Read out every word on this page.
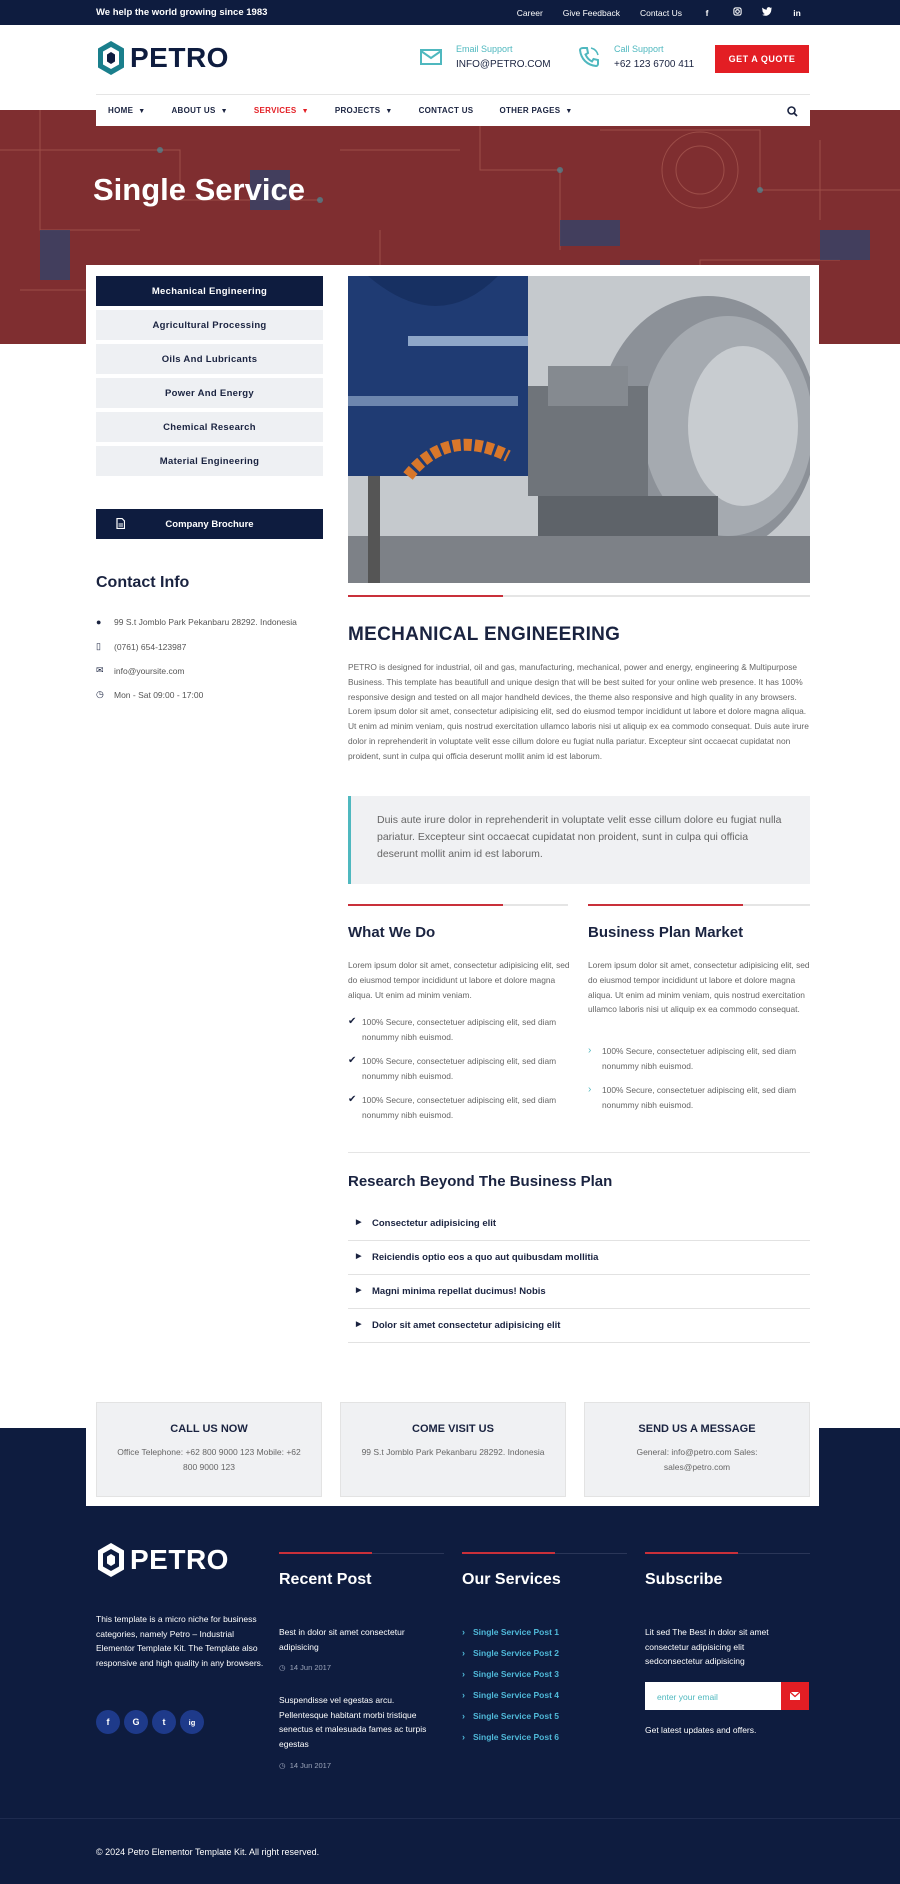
We help the world growing since 1983	Career Give Feedback Contact Us	f	in
PETRO	Email Support
INFO@PETRO.COM
Call Support
+62 123 6700 411	GET A QUOTE
Single Service
HOME ▼	ABOUT US ▼	SERVICES ▼	PROJECTS ▼	CONTACT US	OTHER PAGES ▼
Mechanical Engineering
Agricultural Processing
Oils And Lubricants
Power And Energy
Chemical Research
Material Engineering
Company Brochure
Contact Info
●	99 S.t Jomblo Park Pekanbaru 28292. Indonesia
▯	(0761) 654-123987
✉ info@yoursite.com
◷ Mon - Sat 09:00 - 17:00
MECHANICAL ENGINEERING
PETRO is designed for industrial, oil and gas, manufacturing, mechanical, power and energy, engineering & Multipurpose Business. This template has beautifull and unique design that will be best suited for your online web presence. It has 100% responsive design and tested on all major handheld devices, the theme also responsive and high quality in any browsers. Lorem ipsum dolor sit amet, consectetur adipisicing elit, sed do eiusmod tempor incididunt ut labore et dolore magna aliqua. Ut enim ad minim veniam, quis nostrud exercitation ullamco laboris nisi ut aliquip ex ea commodo consequat. Duis aute irure dolor in reprehenderit in voluptate velit esse cillum dolore eu fugiat nulla pariatur. Excepteur sint occaecat cupidatat non proident, sunt in culpa qui officia deserunt mollit anim id est laborum.
Duis aute irure dolor in reprehenderit in voluptate velit esse cillum dolore eu fugiat nulla pariatur. Excepteur sint occaecat cupidatat non proident, sunt in culpa qui officia deserunt mollit anim id est laborum.
What We Do
Lorem ipsum dolor sit amet, consectetur adipisicing elit, sed do eiusmod tempor incididunt ut labore et dolore magna aliqua. Ut enim ad minim veniam.
✔ 100% Secure, consectetuer adipiscing elit, sed diam nonummy nibh euismod.
✔ 100% Secure, consectetuer adipiscing elit, sed diam nonummy nibh euismod.
✔ 100% Secure, consectetuer adipiscing elit, sed diam nonummy nibh euismod.
Business Plan Market
Lorem ipsum dolor sit amet, consectetur adipisicing elit, sed do eiusmod tempor incididunt ut labore et dolore magna aliqua. Ut enim ad minim veniam, quis nostrud exercitation ullamco laboris nisi ut aliquip ex ea commodo consequat.
›	100% Secure, consectetuer adipiscing elit, sed diam nonummy nibh euismod.
›	100% Secure, consectetuer adipiscing elit, sed diam nonummy nibh euismod.
Research Beyond The Business Plan
▶ Consectetur adipisicing elit
▶ Reiciendis optio eos a quo aut quibusdam mollitia
▶ Magni minima repellat ducimus! Nobis
▶ Dolor sit amet consectetur adipisicing elit
CALL US NOW
Office Telephone: +62 800 9000 123 Mobile: +62 800 9000 123
COME VISIT US
99 S.t Jomblo Park Pekanbaru 28292. Indonesia
SEND US A MESSAGE
General: info@petro.com Sales: sales@petro.com
PETRO
This template is a micro niche for business categories, namely Petro – Industrial Elementor Template Kit. The Template also responsive and high quality in any browsers.
f	G	t	ig
Recent Post
Best in dolor sit amet consectetur adipisicing
◷ 14 Jun 2017
Suspendisse vel egestas arcu. Pellentesque habitant morbi tristique senectus et malesuada fames ac turpis egestas
◷ 14 Jun 2017
Our Services
› Single Service Post 1
› Single Service Post 2
› Single Service Post 3
› Single Service Post 4
› Single Service Post 5
› Single Service Post 6
Subscribe
Lit sed The Best in dolor sit amet consectetur adipisicing elit sedconsectetur adipisicing
enter your email
Get latest updates and offers.
© 2024 Petro Elementor Template Kit. All right reserved.
